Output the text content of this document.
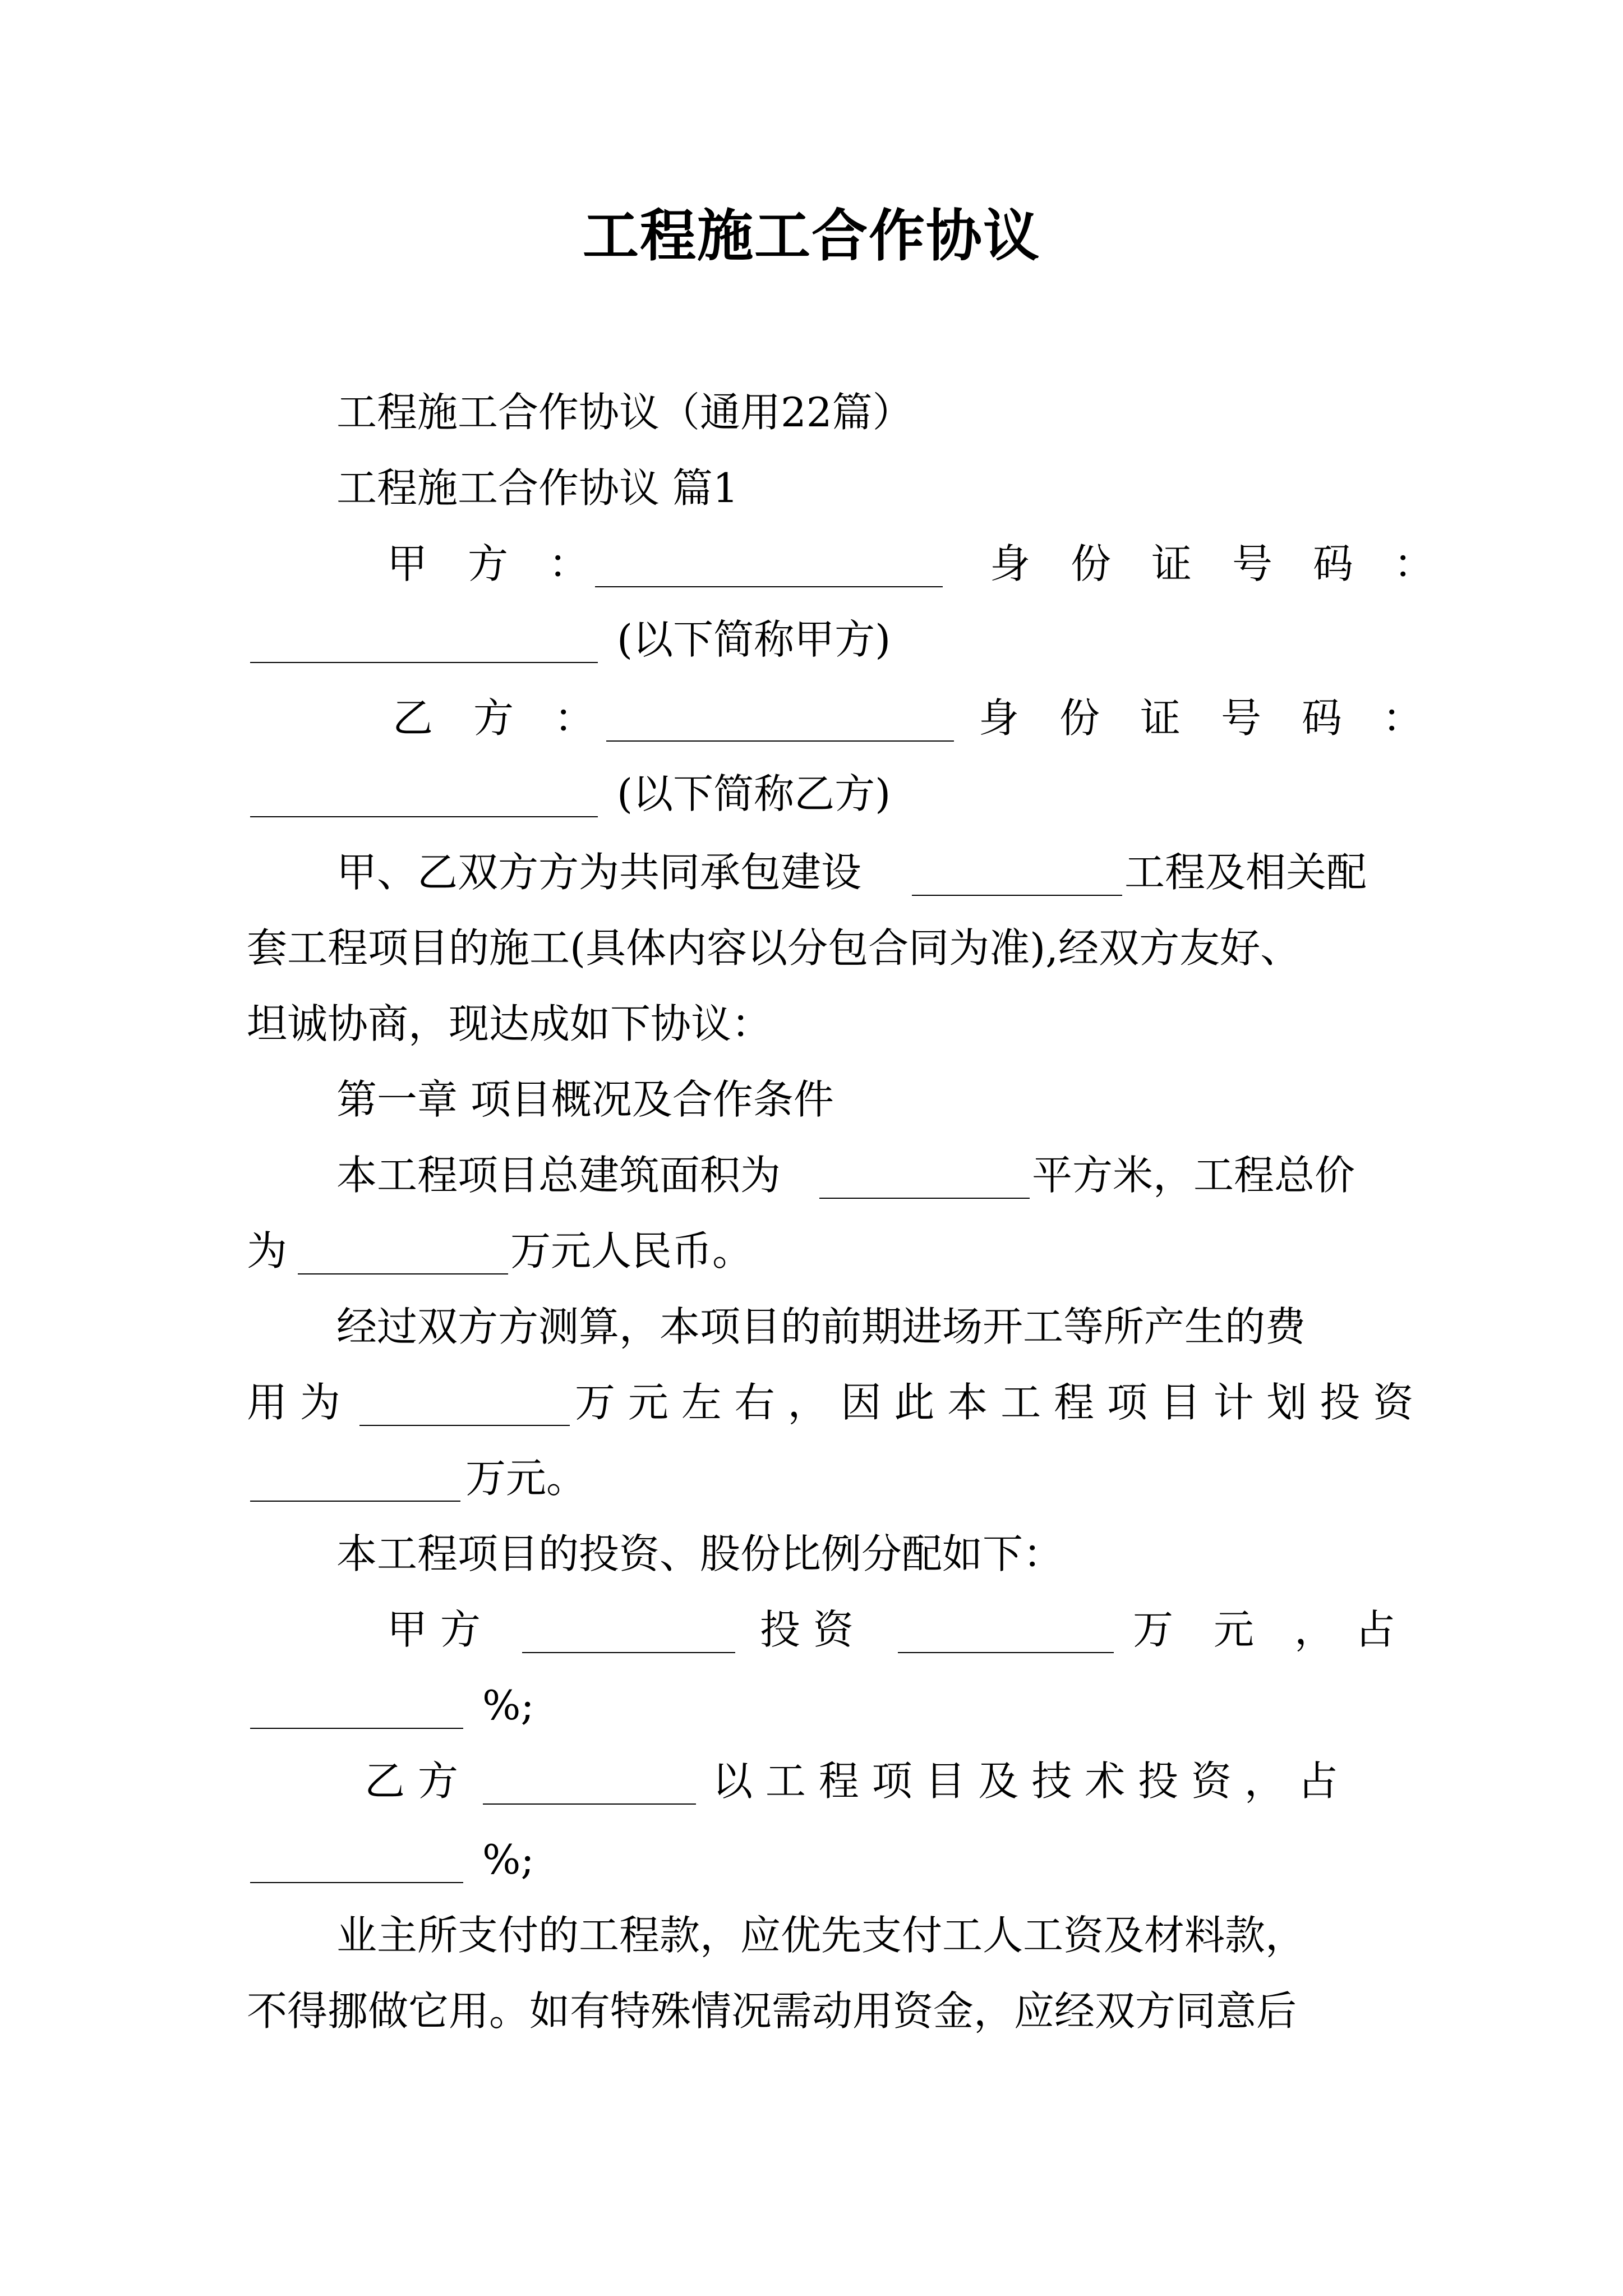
工程施工合作协议
工程施工合作协议（通用22篇）
工程施工合作协议 篇1
甲　方　：	身　份　证　号　码　：
(以下简称甲方)
乙　方　：	身　份　证　号　码　：
(以下简称乙方)
甲、乙双方方为共同承包建设	工程及相关配
套工程项目的施工(具体内容以分包合同为准),经双方友好、
坦诚协商，现达成如下协议：
第一章 项目概况及合作条件
本工程项目总建筑面积为	平方米，工程总价
为	万元人民币。
经过双方方测算，本项目的前期进场开工等所产生的费
用 为	万 元 左 右 ， 因 此 本 工 程 项 目 计 划 投 资
万元。
本工程项目的投资、股份比例分配如下：
甲 方	投 资	万　元　，　占
%;
乙 方	以 工 程 项 目 及 技 术 投 资 ， 占
%;
业主所支付的工程款，应优先支付工人工资及材料款，
不得挪做它用。如有特殊情况需动用资金，应经双方同意后
